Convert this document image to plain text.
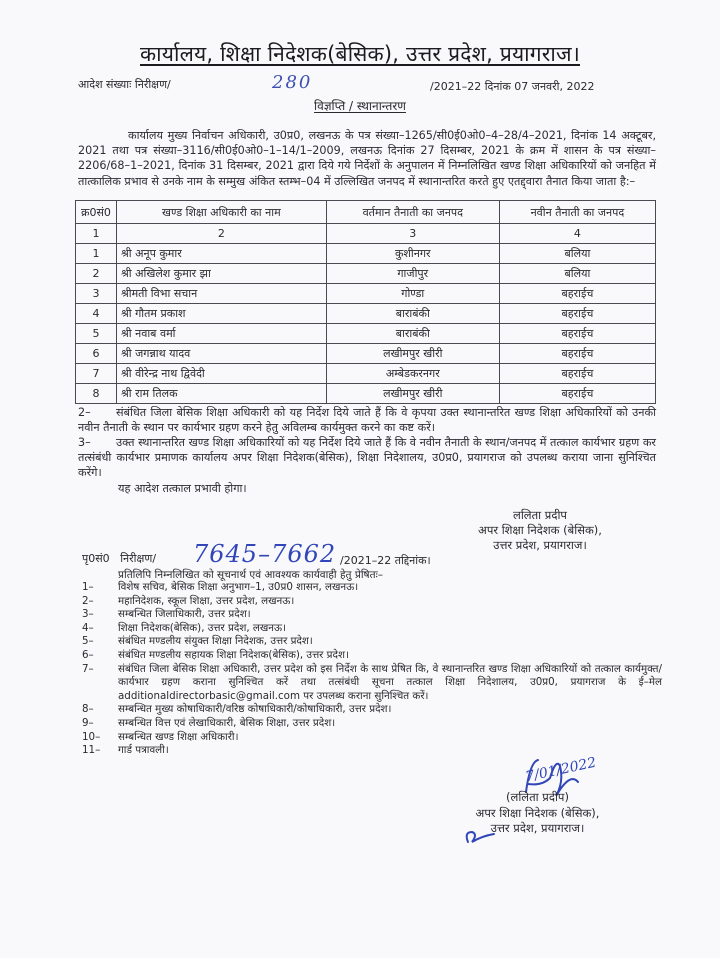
कार्यालय, शिक्षा निदेशक(बेसिक), उत्तर प्रदेश, प्रयागराज।
आदेश संख्याः निरीक्षण/	280	/2021–22 दिनांक 07 जनवरी, 2022
विज्ञप्ति / स्थानान्तरण
कार्यालय मुख्य निर्वाचन अधिकारी, उ0प्र0, लखनऊ के पत्र संख्या–1265/सी0ई0ओ0–4–28/4–2021, दिनांक 14 अक्टूबर, 2021 तथा पत्र संख्या–3116/सी0ई0ओ0–1–14/1–2009, लखनऊ दिनांक 27 दिसम्बर, 2021 के क्रम में शासन के पत्र संख्या–2206/68–1–2021, दिनांक 31 दिसम्बर, 2021 द्वारा दिये गये निर्देशों के अनुपालन में निम्नलिखित खण्ड शिक्षा अधिकारियों को जनहित में तात्कालिक प्रभाव से उनके नाम के सम्मुख अंकित स्तम्भ–04 में उल्लिखित जनपद में स्थानान्तरित करते हुए एतद्द्वारा तैनात किया जाता है:–
क्र0सं0	खण्ड शिक्षा अधिकारी का नाम	वर्तमान तैनाती का जनपद	नवीन तैनाती का जनपद
1	2	3	4
1	श्री अनूप कुमार	कुशीनगर	बलिया
2	श्री अखिलेश कुमार झा	गाजीपुर	बलिया
3	श्रीमती विभा सचान	गोण्डा	बहराईच
4	श्री गौतम प्रकाश	बाराबंकी	बहराईच
5	श्री नवाब वर्मा	बाराबंकी	बहराईच
6	श्री जगन्नाथ यादव	लखीमपुर खीरी	बहराईच
7	श्री वीरेन्द्र नाथ द्विवेदी	अम्बेडकरनगर	बहराईच
8	श्री राम तिलक	लखीमपुर खीरी	बहराईच
2– संबंधित जिला बेसिक शिक्षा अधिकारी को यह निर्देश दिये जाते हैं कि वे कृपया उक्त स्थानान्तरित खण्ड शिक्षा अधिकारियों को उनकी नवीन तैनाती के स्थान पर कार्यभार ग्रहण करने हेतु अविलम्ब कार्यमुक्त करने का कष्ट करें।
3– उक्त स्थानान्तरित खण्ड शिक्षा अधिकारियों को यह निर्देश दिये जाते हैं कि वे नवीन तैनाती के स्थान/जनपद में तत्काल कार्यभार ग्रहण कर तत्संबंधी कार्यभार प्रमाणक कार्यालय अपर शिक्षा निदेशक(बेसिक), शिक्षा निदेशालय, उ0प्र0, प्रयागराज को उपलब्ध कराया जाना सुनिश्चित करेंगे।
यह आदेश तत्काल प्रभावी होगा।
ललिता प्रदीप
अपर शिक्षा निदेशक (बेसिक),
उत्तर प्रदेश, प्रयागराज।
पृ0सं0 निरीक्षण/ 7645–7662 /2021–22 तद्दिनांक।
प्रतिलिपि निम्नलिखित को सूचनार्थ एवं आवश्यक कार्यवाही हेतु प्रेषितः–
1–	विशेष सचिव, बेसिक शिक्षा अनुभाग–1, उ0प्र0 शासन, लखनऊ।
2–	महानिदेशक, स्कूल शिक्षा, उत्तर प्रदेश, लखनऊ।
3–	सम्बन्धित जिलाधिकारी, उत्तर प्रदेश।
4–	शिक्षा निदेशक(बेसिक), उत्तर प्रदेश, लखनऊ।
5–	संबंधित मण्डलीय संयुक्त शिक्षा निदेशक, उत्तर प्रदेश।
6–	संबंधित मण्डलीय सहायक शिक्षा निदेशक(बेसिक), उत्तर प्रदेश।
7–	संबंधित जिला बेसिक शिक्षा अधिकारी, उत्तर प्रदेश को इस निर्देश के साथ प्रेषित कि, वे स्थानान्तरित खण्ड शिक्षा अधिकारियों को तत्काल कार्यमुक्त/कार्यभार ग्रहण कराना सुनिश्चित करें तथा तत्संबंधी सूचना तत्काल शिक्षा निदेशालय, उ0प्र0, प्रयागराज के ई–मेल additionaldirectorbasic@gmail.com पर उपलब्ध कराना सुनिश्चित करें।
8–	सम्बन्धित मुख्य कोषाधिकारी/वरिष्ठ कोषाधिकारी/कोषाधिकारी, उत्तर प्रदेश।
9–	सम्बन्धित वित्त एवं लेखाधिकारी, बेसिक शिक्षा, उत्तर प्रदेश।
10–	सम्बन्धित खण्ड शिक्षा अधिकारी।
11–	गार्ड पत्रावली।
7/01/2022
(ललिता प्रदीप)
अपर शिक्षा निदेशक (बेसिक),
उत्तर प्रदेश, प्रयागराज।
